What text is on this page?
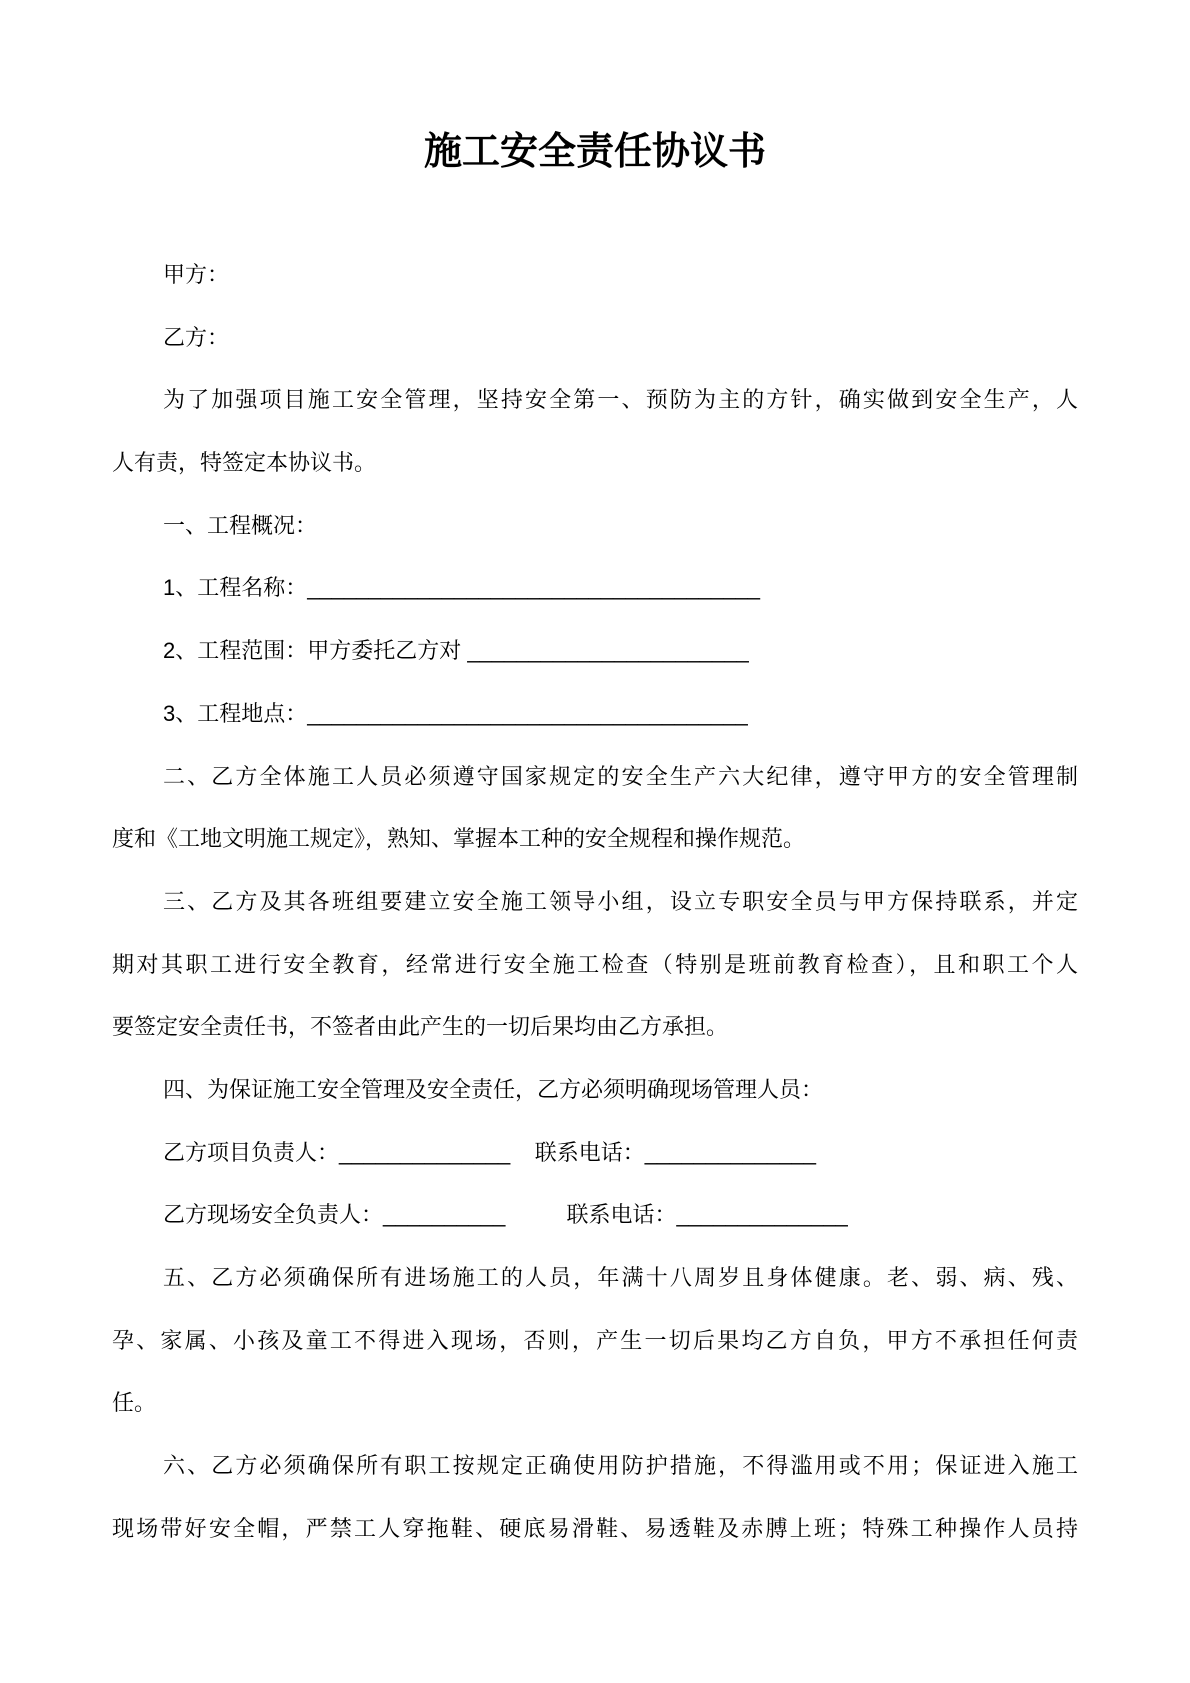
施工安全责任协议书
甲方：
乙方：
为了加强项目施工安全管理，坚持安全第一、预防为主的方针，确实做到安全生产，人
人有责，特签定本协议书。
一、工程概况：
1、工程名称：_____________________________________
2、工程范围：甲方委托乙方对 _______________________
3、工程地点：____________________________________
二、乙方全体施工人员必须遵守国家规定的安全生产六大纪律，遵守甲方的安全管理制
度和《工地文明施工规定》，熟知、掌握本工种的安全规程和操作规范。
三、乙方及其各班组要建立安全施工领导小组，设立专职安全员与甲方保持联系，并定
期对其职工进行安全教育，经常进行安全施工检查（特别是班前教育检查），且和职工个人
要签定安全责任书，不签者由此产生的一切后果均由乙方承担。
四、为保证施工安全管理及安全责任，乙方必须明确现场管理人员：
乙方项目负责人：______________    联系电话：______________
乙方现场安全负责人：__________          联系电话：______________
五、乙方必须确保所有进场施工的人员，年满十八周岁且身体健康。老、弱、病、残、
孕、家属、小孩及童工不得进入现场，否则，产生一切后果均乙方自负，甲方不承担任何责
任。
六、乙方必须确保所有职工按规定正确使用防护措施，不得滥用或不用；保证进入施工
现场带好安全帽，严禁工人穿拖鞋、硬底易滑鞋、易透鞋及赤膊上班；特殊工种操作人员持
